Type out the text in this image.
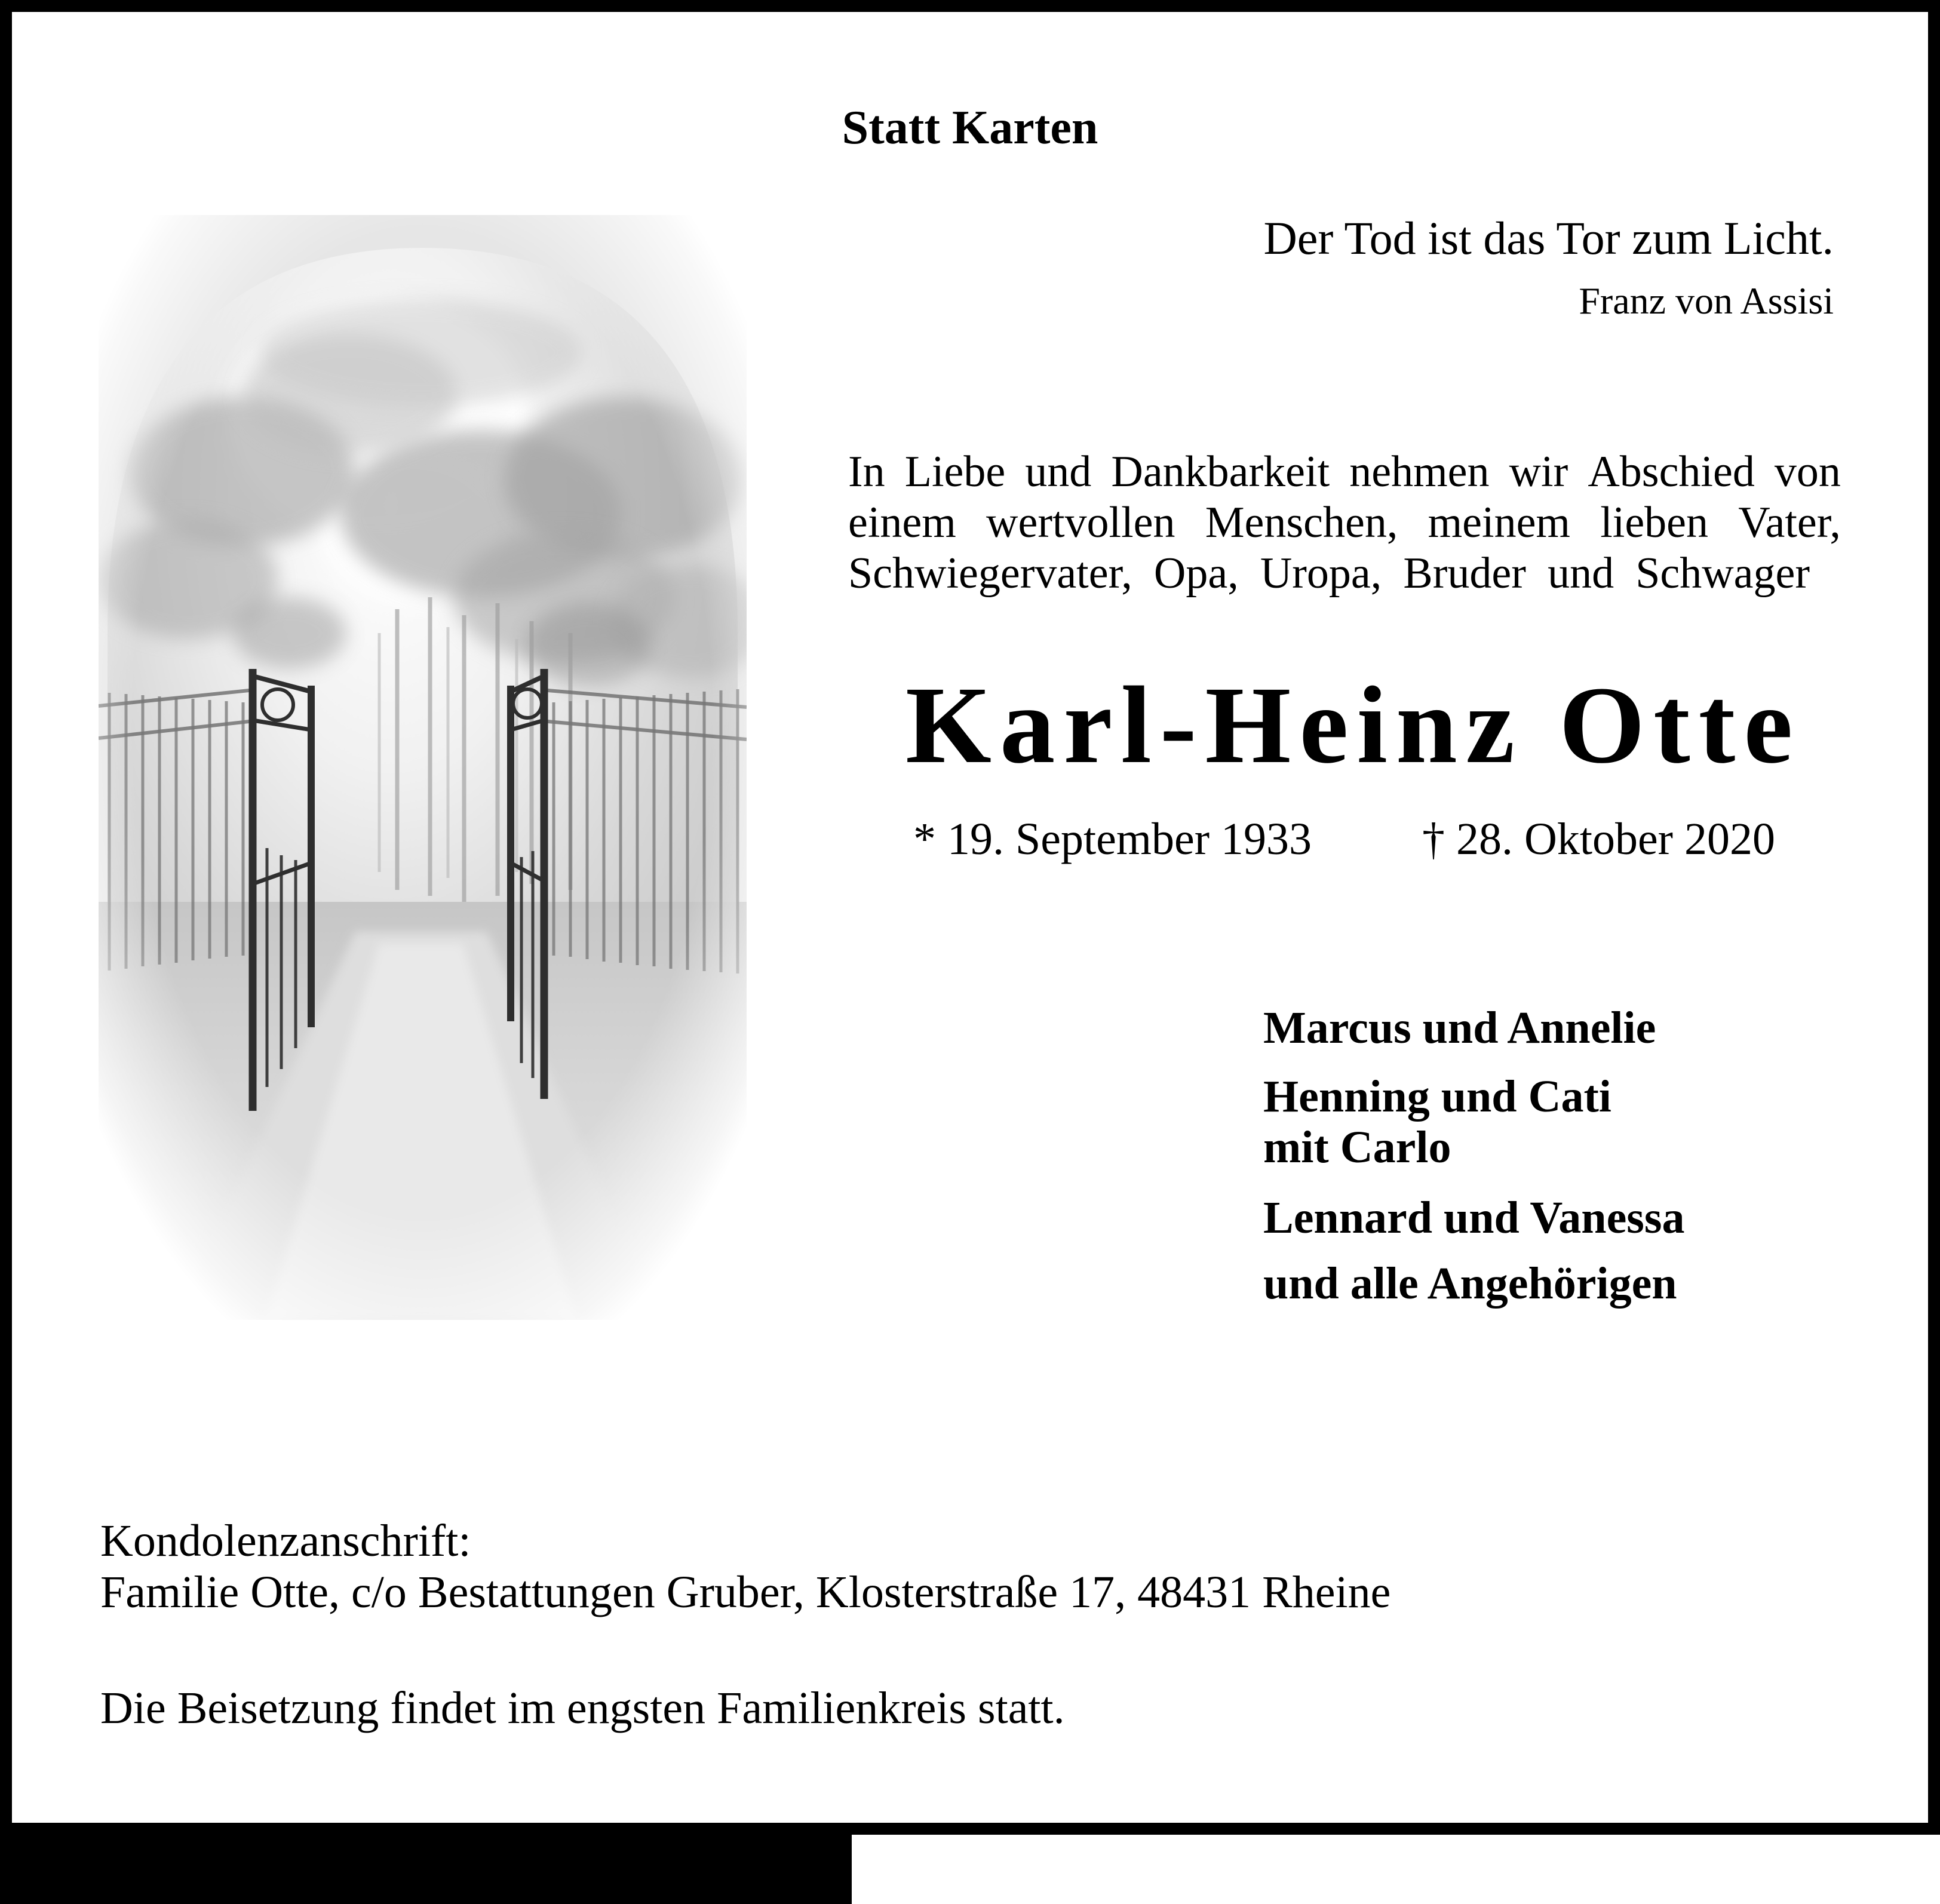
Statt Karten
Der Tod ist das Tor zum Licht.
Franz von Assisi
In Liebe und Dankbarkeit nehmen wir Abschied von
einem wertvollen Menschen, meinem lieben Vater,
Schwiegervater, Opa, Uropa, Bruder und Schwager
Karl-Heinz Otte
* 19. September 1933 † 28. Oktober 2020
Marcus und Annelie
Henning und Cati
mit Carlo
Lennard und Vanessa
und alle Angehörigen
Kondolenzanschrift:
Familie Otte, c/o Bestattungen Gruber, Klosterstraße 17, 48431 Rheine
Die Beisetzung findet im engsten Familienkreis statt.
